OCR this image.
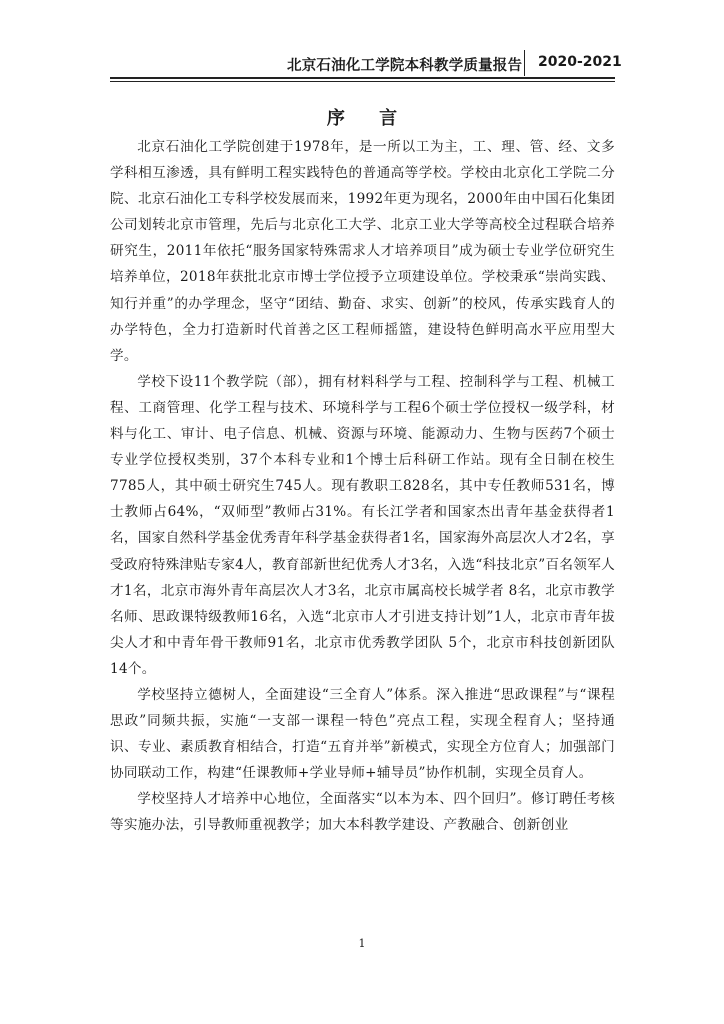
北京石油化工学院本科教学质量报告	2020-2021
序 言

北京石油化工学院创建于1978年，是一所以工为主，工、理、管、经、文多学科相互渗透，具有鲜明工程实践特色的普通高等学校。学校由北京化工学院二分院、北京石油化工专科学校发展而来，1992年更为现名，2000年由中国石化集团公司划转北京市管理，先后与北京化工大学、北京工业大学等高校全过程联合培养研究生，2011年依托“服务国家特殊需求人才培养项目”成为硕士专业学位研究生培养单位，2018年获批北京市博士学位授予立项建设单位。学校秉承“崇尚实践、知行并重”的办学理念，坚守“团结、勤奋、求实、创新”的校风，传承实践育人的办学特色，全力打造新时代首善之区工程师摇篮，建设特色鲜明高水平应用型大学。

学校下设11个教学院（部），拥有材料科学与工程、控制科学与工程、机械工程、工商管理、化学工程与技术、环境科学与工程6个硕士学位授权一级学科，材料与化工、审计、电子信息、机械、资源与环境、能源动力、生物与医药7个硕士专业学位授权类别，37个本科专业和1个博士后科研工作站。现有全日制在校生7785人，其中硕士研究生745人。现有教职工828名，其中专任教师531名，博士教师占64%，“双师型”教师占31%。有长江学者和国家杰出青年基金获得者1名，国家自然科学基金优秀青年科学基金获得者1名，国家海外高层次人才2名，享受政府特殊津贴专家4人，教育部新世纪优秀人才3名，入选“科技北京”百名领军人才1名，北京市海外青年高层次人才3名，北京市属高校长城学者 8名，北京市教学名师、思政课特级教师16名，入选“北京市人才引进支持计划”1人，北京市青年拔尖人才和中青年骨干教师91名，北京市优秀教学团队 5个，北京市科技创新团队 14个。

学校坚持立德树人，全面建设“三全育人”体系。深入推进“思政课程”与“课程思政”同频共振，实施“一支部一课程一特色”亮点工程，实现全程育人；坚持通识、专业、素质教育相结合，打造“五育并举”新模式，实现全方位育人；加强部门协同联动工作，构建“任课教师+学业导师+辅导员”协作机制，实现全员育人。

学校坚持人才培养中心地位，全面落实“以本为本、四个回归”。修订聘任考核等实施办法，引导教师重视教学；加大本科教学建设、产教融合、创新创业

1
